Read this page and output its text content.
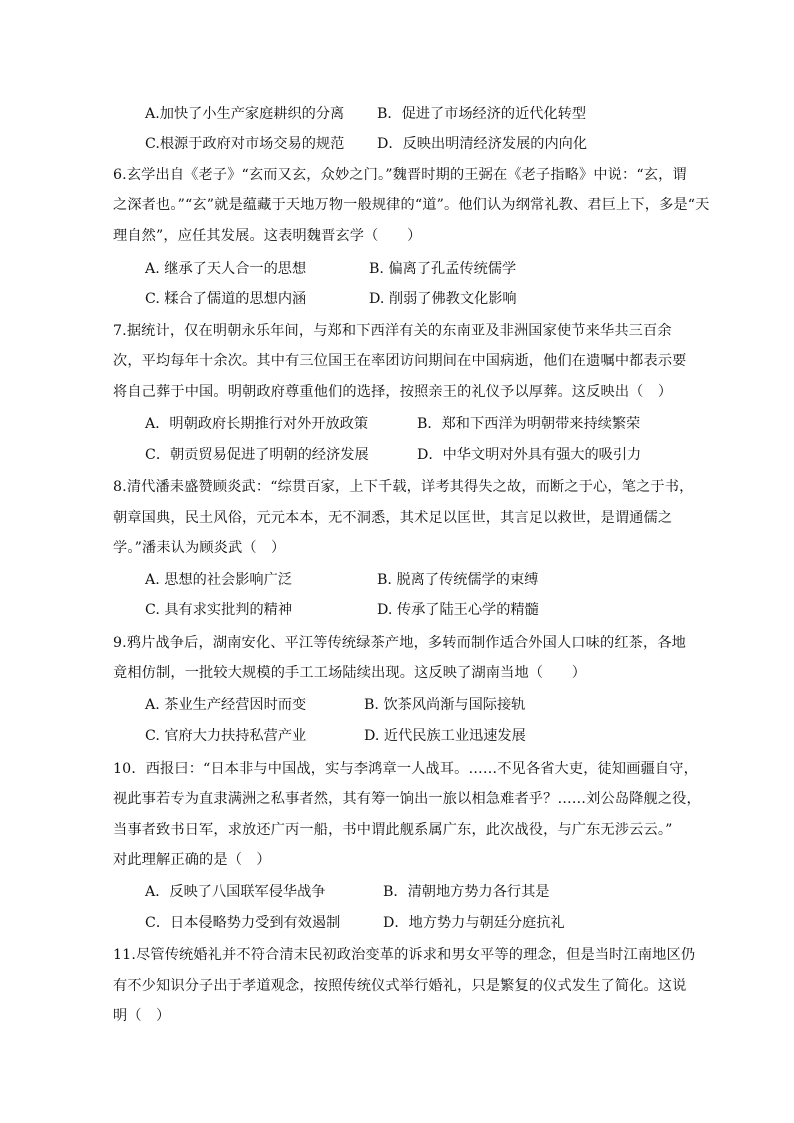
A.加快了小生产家庭耕织的分离 B．促进了市场经济的近代化转型
C.根源于政府对市场交易的规范 D．反映出明清经济发展的内向化
6.玄学出自《老子》“玄而又玄，众妙之门。”魏晋时期的王弼在《老子指略》中说：“玄，谓
之深者也。”“玄”就是蕴藏于天地万物一般规律的“道”。他们认为纲常礼教、君巨上下，多是“天
理自然”，应任其发展。这表明魏晋玄学（　　）
A. 继承了天人合一的思想	B. 偏离了孔孟传统儒学
C. 糅合了儒道的思想内涵	D. 削弱了佛教文化影响
7.据统计，仅在明朝永乐年间，与郑和下西洋有关的东南亚及非洲国家使节来华共三百余
次，平均每年十余次。其中有三位国王在率团访问期间在中国病逝，他们在遗嘱中都表示要
将自己葬于中国。明朝政府尊重他们的选择，按照亲王的礼仪予以厚葬。这反映出（　）
A．明朝政府长期推行对外开放政策	B．郑和下西洋为明朝带来持续繁荣
C．朝贡贸易促进了明朝的经济发展	D．中华文明对外具有强大的吸引力
8.清代潘耒盛赞顾炎武：“综贯百家，上下千载，详考其得失之故，而断之于心，笔之于书，
朝章国典，民土风俗，元元本本，无不洞悉，其术足以匡世，其言足以救世，是谓通儒之
学。”潘耒认为顾炎武（　）
A. 思想的社会影响广泛	B. 脱离了传统儒学的束缚
C. 具有求实批判的精神	D. 传承了陆王心学的精髓
9.鸦片战争后，湖南安化、平江等传统绿茶产地，多转而制作适合外国人口味的红茶，各地
竟相仿制，一批较大规模的手工工场陆续出现。这反映了湖南当地（　　）
A. 茶业生产经营因时而变	B. 饮茶风尚渐与国际接轨
C. 官府大力扶持私营产业	D. 近代民族工业迅速发展
10．西报曰：“日本非与中国战，实与李鸿章一人战耳。……不见各省大吏，徒知画疆自守，
视此事若专为直隶满洲之私事者然，其有筹一饷出一旅以相急难者乎？……刘公岛降舰之役，
当事者致书日军，求放还广丙一船，书中谓此舰系属广东，此次战役，与广东无涉云云。”
对此理解正确的是（　）
A．反映了八国联军侵华战争	B．清朝地方势力各行其是
C．日本侵略势力受到有效遏制	D．地方势力与朝廷分庭抗礼
11.尽管传统婚礼并不符合清末民初政治变革的诉求和男女平等的理念，但是当时江南地区仍
有不少知识分子出于孝道观念，按照传统仪式举行婚礼，只是繁复的仪式发生了简化。这说
明（　）
